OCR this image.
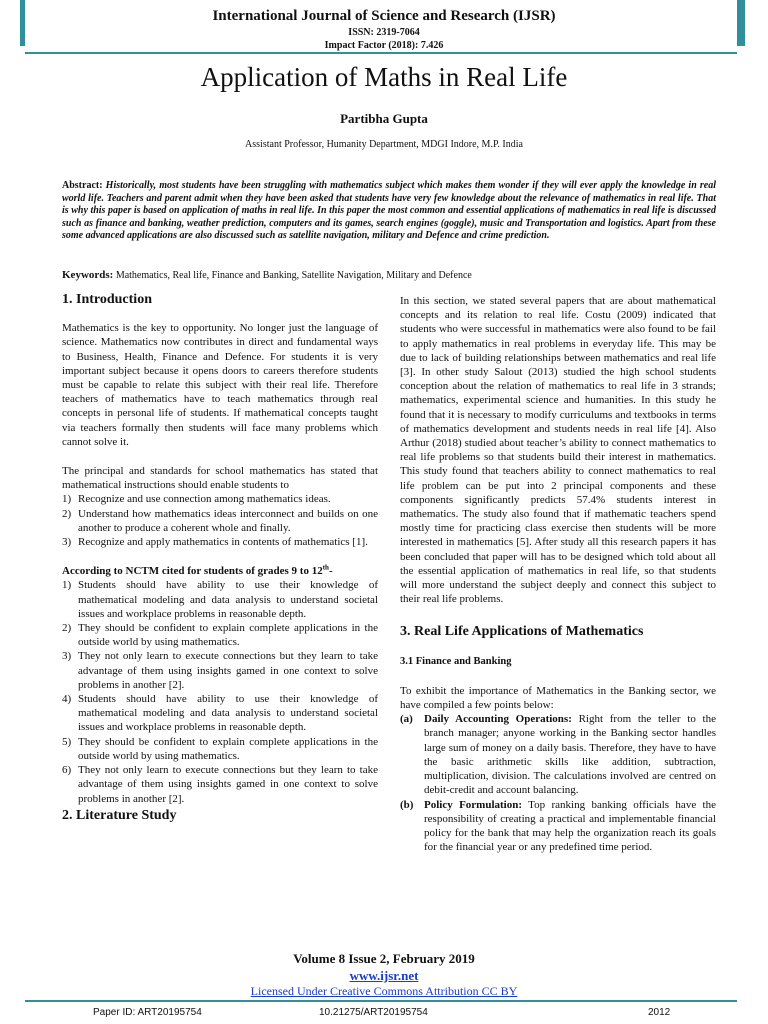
International Journal of Science and Research (IJSR)
ISSN: 2319-7064
Impact Factor (2018): 7.426
Application of Maths in Real Life
Partibha Gupta
Assistant Professor, Humanity Department, MDGI Indore, M.P. India
Abstract: Historically, most students have been struggling with mathematics subject which makes them wonder if they will ever apply the knowledge in real world life. Teachers and parent admit when they have been asked that students have very few knowledge about the relevance of mathematics in real life. That is why this paper is based on application of maths in real life. In this paper the most common and essential applications of mathematics in real life is discussed such as finance and banking, weather prediction, computers and its games, search engines (goggle), music and Transportation and logistics. Apart from these some advanced applications are also discussed such as satellite navigation, military and Defence and crime prediction.
Keywords: Mathematics, Real life, Finance and Banking, Satellite Navigation, Military and Defence
1. Introduction

Mathematics is the key to opportunity. No longer just the language of science. Mathematics now contributes in direct and fundamental ways to Business, Health, Finance and Defence. For students it is very important subject because it opens doors to careers therefore students must be capable to relate this subject with their real life. Therefore teachers of mathematics have to teach mathematics through real concepts in personal life of students. If mathematical concepts taught via teachers formally then students will face many problems which cannot solve it.

The principal and standards for school mathematics has stated that mathematical instructions should enable students to

1) Recognize and use connection among mathematics ideas.
2) Understand how mathematics ideas interconnect and builds on one another to produce a coherent whole and finally.
3) Recognize and apply mathematics in contents of mathematics [1].

According to NCTM cited for students of grades 9 to 12th-

1) Students should have ability to use their knowledge of mathematical modeling and data analysis to understand societal issues and workplace problems in reasonable depth.
2) They should be confident to explain complete applications in the outside world by using mathematics.
3) They not only learn to execute connections but they learn to take advantage of them using insights gamed in one context to solve problems in another [2].
4) Students should have ability to use their knowledge of mathematical modeling and data analysis to understand societal issues and workplace problems in reasonable depth.
5) They should be confident to explain complete applications in the outside world by using mathematics.
6) They not only learn to execute connections but they learn to take advantage of them using insights gamed in one context to solve problems in another [2].
2. Literature Study

In this section, we stated several papers that are about mathematical concepts and its relation to real life. Costu (2009) indicated that students who were successful in mathematics were also found to be fail to apply mathematics in real problems in everyday life. This may be due to lack of building relationships between mathematics and real life [3]. In other study Salout (2013) studied the high school students conception about the relation of mathematics to real life in 3 strands; mathematics, experimental science and humanities. In this study he found that it is necessary to modify curriculums and textbooks in terms of mathematics development and students needs in real life [4]. Also Arthur (2018) studied about teacher’s ability to connect mathematics to real life problems so that students build their interest in mathematics. This study found that teachers ability to connect mathematics to real life problem can be put into 2 principal components and these components significantly predicts 57.4% students interest in mathematics. The study also found that if mathematic teachers spend mostly time for practicing class exercise then students will be more interested in mathematics [5]. After study all this research papers it has been concluded that paper will has to be designed which told about all the essential application of mathematics in real life, so that students will more understand the subject deeply and connect this subject to their real life problems.

3. Real Life Applications of Mathematics

3.1 Finance and Banking

To exhibit the importance of Mathematics in the Banking sector, we have compiled a few points below:

(a) Daily Accounting Operations: Right from the teller to the branch manager; anyone working in the Banking sector handles large sum of money on a daily basis. Therefore, they have to have the basic arithmetic skills like addition, subtraction, multiplication, division. The calculations involved are centred on debit-credit and account balancing.
(b) Policy Formulation: Top ranking banking officials have the responsibility of creating a practical and implementable financial policy for the bank that may help the organization reach its goals for the financial year or any predefined time period.
Volume 8 Issue 2, February 2019
www.ijsr.net
Licensed Under Creative Commons Attribution CC BY
Paper ID: ART20195754	10.21275/ART20195754	2012
